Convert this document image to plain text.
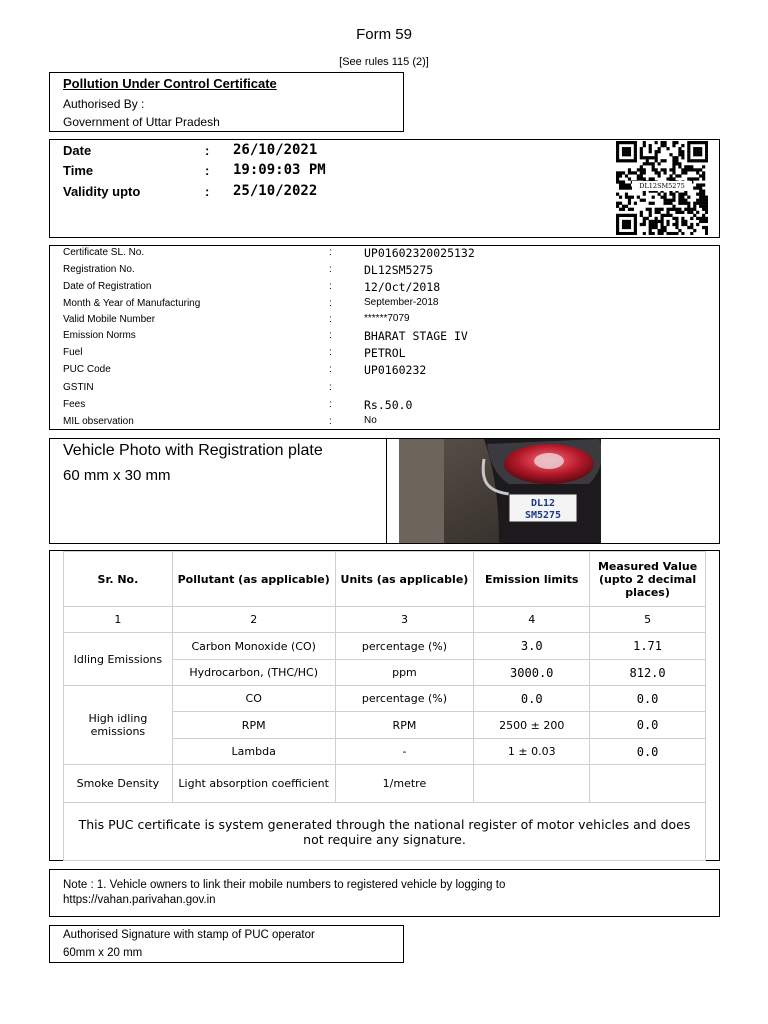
Form 59
[See rules 115 (2)]
Pollution Under Control Certificate
Authorised By :
Government of Uttar Pradesh
Date	: 26/10/2021
Time	: 19:09:03 PM
Validity upto	: 25/10/2022	DL12SM5275
Certificate SL. No.	:	UP01602320025132
Registration No.	:	DL12SM5275
Date of Registration	:	12/Oct/2018
Month & Year of Manufacturing	:	September-2018
Valid Mobile Number	:	******7079
Emission Norms	:	BHARAT STAGE IV
Fuel	:	PETROL
PUC Code	:	UP0160232
GSTIN	:
Fees	:	Rs.50.0
MIL observation	:	No
Vehicle Photo with Registration plate
60 mm x 30 mm
DL12
SM5275
Sr. No.	Pollutant (as applicable)	Units (as applicable)	Emission limits	Measured Value (upto 2 decimal places)
1	2	3	4	5
Idling Emissions	Carbon Monoxide (CO)	percentage (%)	3.0	1.71
	Hydrocarbon, (THC/HC)	ppm	3000.0	812.0
High idling emissions	CO	percentage (%)	0.0	0.0
	RPM	RPM	2500 ± 200	0.0
	Lambda	-	1 ± 0.03	0.0
Smoke Density	Light absorption coefficient	1/metre		
This PUC certificate is system generated through the national register of motor vehicles and does not require any signature.				
Note : 1. Vehicle owners to link their mobile numbers to registered vehicle by logging to
https://vahan.parivahan.gov.in
Authorised Signature with stamp of PUC operator
60mm x 20 mm
